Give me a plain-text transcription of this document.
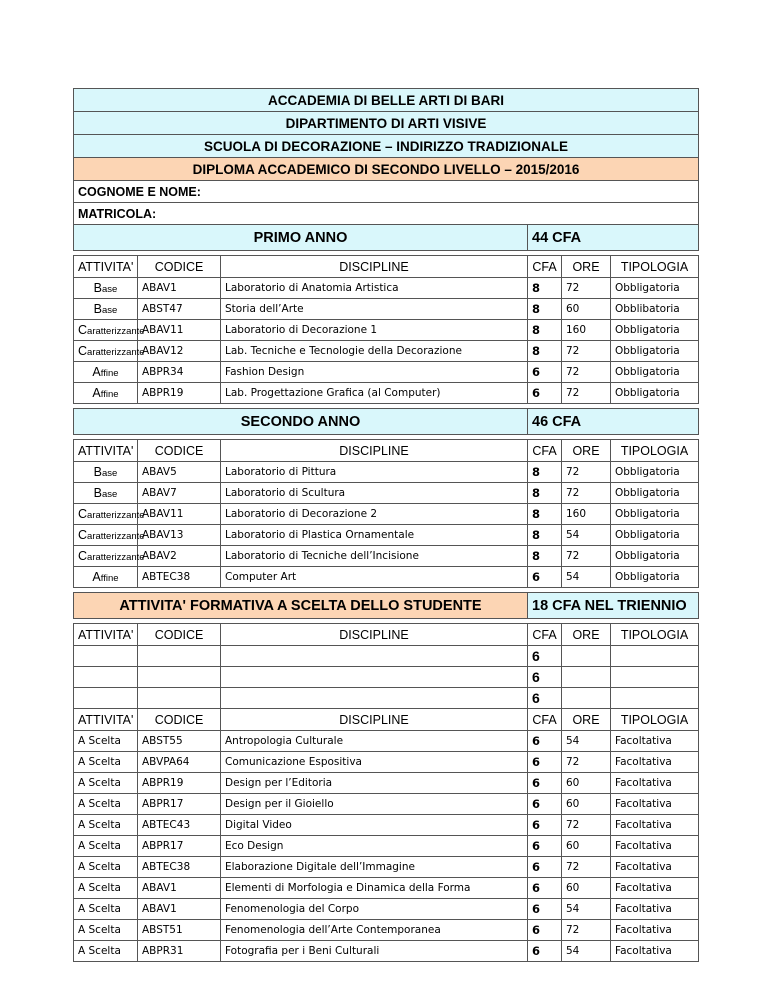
ACCADEMIA DI BELLE ARTI DI BARI					
DIPARTIMENTO DI ARTI VISIVE					
SCUOLA DI DECORAZIONE – INDIRIZZO TRADIZIONALE					
DIPLOMA ACCADEMICO DI SECONDO LIVELLO – 2015/2016					
COGNOME E NOME:					
MATRICOLA:					
PRIMO ANNO			44 CFA		

ATTIVITA'	CODICE	DISCIPLINE	CFA	ORE	TIPOLOGIA
Base	ABAV1	Laboratorio di Anatomia Artistica	8	72	Obbligatoria
Base	ABST47	Storia dell’Arte	8	60	Obblibatoria
Caratterizzante	ABAV11	Laboratorio di Decorazione 1	8	160	Obbligatoria
Caratterizzante	ABAV12	Lab. Tecniche e Tecnologie della Decorazione	8	72	Obbligatoria
Affine	ABPR34	Fashion Design	6	72	Obbligatoria
Affine	ABPR19	Lab. Progettazione Grafica (al Computer)	6	72	Obbligatoria

SECONDO ANNO			46 CFA		

ATTIVITA'	CODICE	DISCIPLINE	CFA	ORE	TIPOLOGIA
Base	ABAV5	Laboratorio di Pittura	8	72	Obbligatoria
Base	ABAV7	Laboratorio di Scultura	8	72	Obbligatoria
Caratterizzante	ABAV11	Laboratorio di Decorazione 2	8	160	Obbligatoria
Caratterizzante	ABAV13	Laboratorio di Plastica Ornamentale	8	54	Obbligatoria
Caratterizzante	ABAV2	Laboratorio di Tecniche dell’Incisione	8	72	Obbligatoria
Affine	ABTEC38	Computer Art	6	54	Obbligatoria

ATTIVITA' FORMATIVA A SCELTA DELLO STUDENTE			18 CFA NEL TRIENNIO		

ATTIVITA'	CODICE	DISCIPLINE	CFA	ORE	TIPOLOGIA
			6		
			6		
			6		
ATTIVITA'	CODICE	DISCIPLINE	CFA	ORE	TIPOLOGIA
A Scelta	ABST55	Antropologia Culturale	6	54	Facoltativa
A Scelta	ABVPA64	Comunicazione Espositiva	6	72	Facoltativa
A Scelta	ABPR19	Design per l’Editoria	6	60	Facoltativa
A Scelta	ABPR17	Design per il Gioiello	6	60	Facoltativa
A Scelta	ABTEC43	Digital Video	6	72	Facoltativa
A Scelta	ABPR17	Eco Design	6	60	Facoltativa
A Scelta	ABTEC38	Elaborazione Digitale dell’Immagine	6	72	Facoltativa
A Scelta	ABAV1	Elementi di Morfologia e Dinamica della Forma	6	60	Facoltativa
A Scelta	ABAV1	Fenomenologia del Corpo	6	54	Facoltativa
A Scelta	ABST51	Fenomenologia dell’Arte Contemporanea	6	72	Facoltativa
A Scelta	ABPR31	Fotografia per i Beni Culturali	6	54	Facoltativa
